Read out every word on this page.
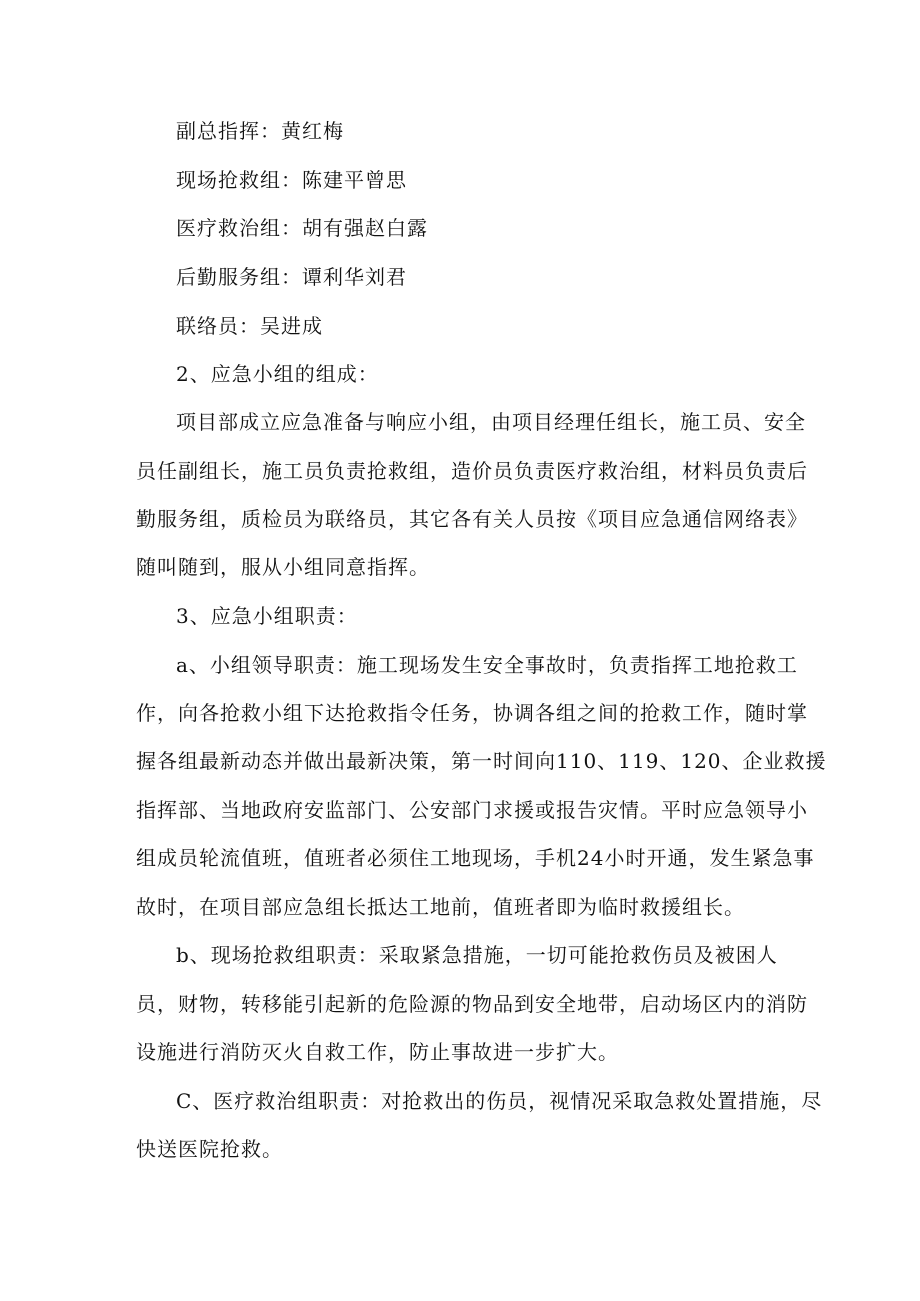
副总指挥：黄红梅
现场抢救组：陈建平曾思
医疗救治组：胡有强赵白露
后勤服务组：谭利华刘君
联络员：吴进成
2、应急小组的组成：
项目部成立应急准备与响应小组，由项目经理任组长，施工员、安全
员任副组长，施工员负责抢救组，造价员负责医疗救治组，材料员负责后
勤服务组，质检员为联络员，其它各有关人员按《项目应急通信网络表》
随叫随到，服从小组同意指挥。
3、应急小组职责：
a、小组领导职责：施工现场发生安全事故时，负责指挥工地抢救工
作，向各抢救小组下达抢救指令任务，协调各组之间的抢救工作，随时掌
握各组最新动态并做出最新决策，第一时间向110、119、120、企业救援
指挥部、当地政府安监部门、公安部门求援或报告灾情。平时应急领导小
组成员轮流值班，值班者必须住工地现场，手机24小时开通，发生紧急事
故时，在项目部应急组长抵达工地前，值班者即为临时救援组长。
b、现场抢救组职责：采取紧急措施，一切可能抢救伤员及被困人
员，财物，转移能引起新的危险源的物品到安全地带，启动场区内的消防
设施进行消防灭火自救工作，防止事故进一步扩大。
C、医疗救治组职责：对抢救出的伤员，视情况采取急救处置措施，尽
快送医院抢救。
